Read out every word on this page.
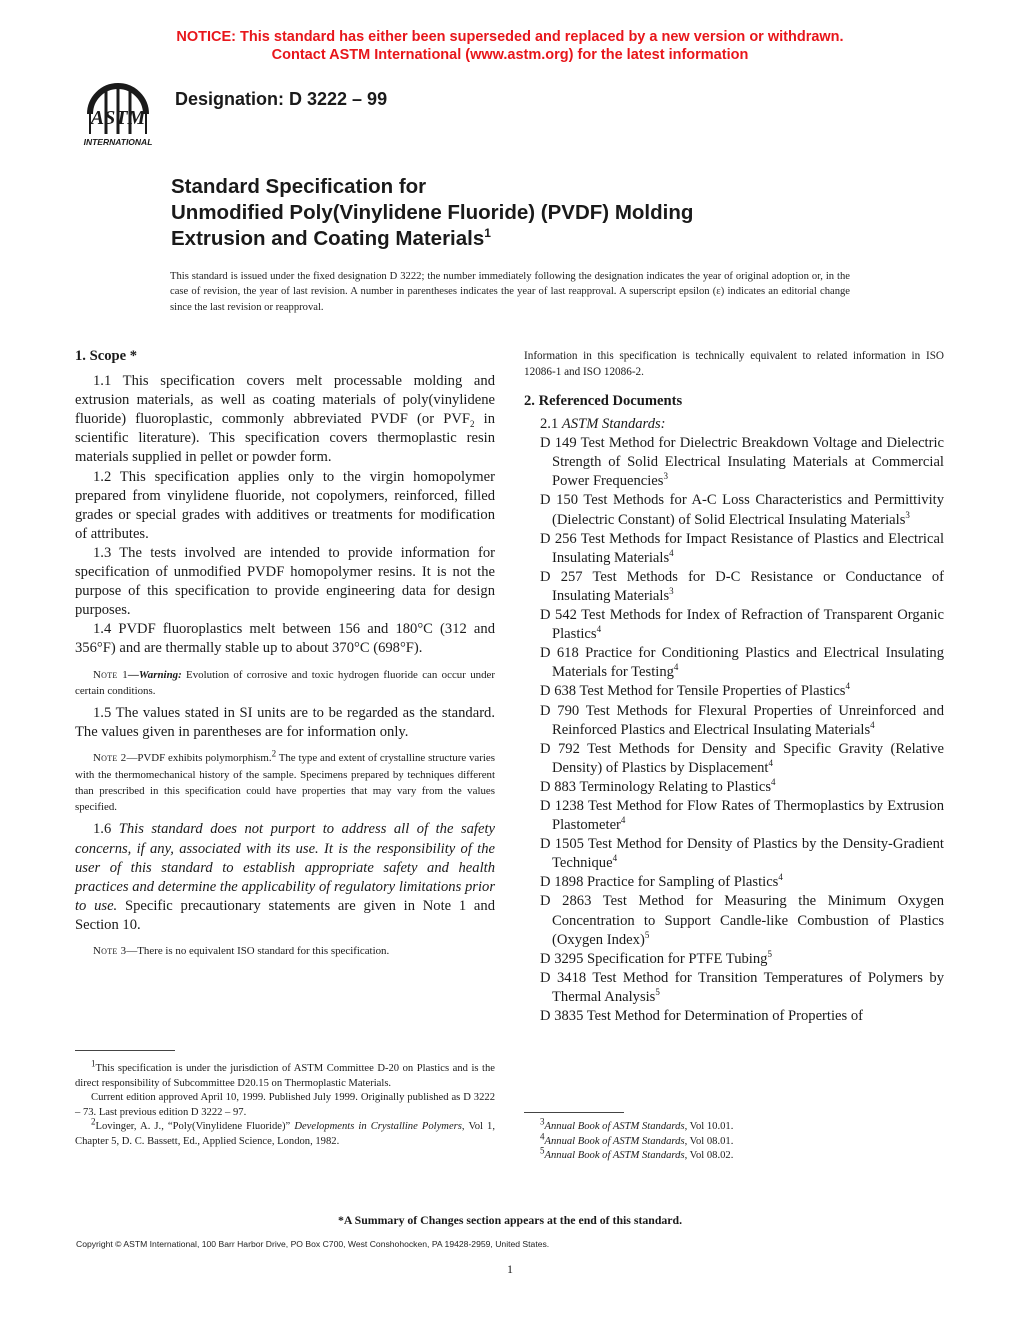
NOTICE: This standard has either been superseded and replaced by a new version or withdrawn.
Contact ASTM International (www.astm.org) for the latest information
ASTM
INTERNATIONAL
Designation: D 3222 – 99
Standard Specification for
Unmodified Poly(Vinylidene Fluoride) (PVDF) Molding
Extrusion and Coating Materials$^1$
This standard is issued under the fixed designation D 3222; the number immediately following the designation indicates the year of original adoption or, in the case of revision, the year of last revision. A number in parentheses indicates the year of last reapproval. A superscript epsilon (ε) indicates an editorial change since the last revision or reapproval.

1. Scope *

1.1 This specification covers melt processable molding and extrusion materials, as well as coating materials of poly(vinylidene fluoride) fluoroplastic, commonly abbreviated PVDF (or $PVF_2$ in scientific literature). This specification covers thermoplastic resin materials supplied in pellet or powder form.

1.2 This specification applies only to the virgin homopolymer prepared from vinylidene fluoride, not copolymers, reinforced, filled grades or special grades with additives or treatments for modification of attributes.

1.3 The tests involved are intended to provide information for specification of unmodified PVDF homopolymer resins. It is not the purpose of this specification to provide engineering data for design purposes.

1.4 PVDF fluoroplastics melt between 156 and 180°C (312 and 356°F) and are thermally stable up to about 370°C (698°F).

Note 1—Warning: Evolution of corrosive and toxic hydrogen fluoride can occur under certain conditions.

1.5 The values stated in SI units are to be regarded as the standard. The values given in parentheses are for information only.

Note 2—PVDF exhibits polymorphism.$^2$ The type and extent of crystalline structure varies with the thermomechanical history of the sample. Specimens prepared by techniques different than prescribed in this specification could have properties that may vary from the values specified.

1.6 This standard does not purport to address all of the safety concerns, if any, associated with its use. It is the responsibility of the user of this standard to establish appropriate safety and health practices and determine the applicability of regulatory limitations prior to use. Specific precautionary statements are given in Note 1 and Section 10.

Note 3—There is no equivalent ISO standard for this specification.

$^1$This specification is under the jurisdiction of ASTM Committee D-20 on Plastics and is the direct responsibility of Subcommittee D20.15 on Thermoplastic Materials.

Current edition approved April 10, 1999. Published July 1999. Originally published as D 3222 – 73. Last previous edition D 3222 – 97.

$^2$Lovinger, A. J., “Poly(Vinylidene Fluoride)” Developments in Crystalline Polymers, Vol 1, Chapter 5, D. C. Bassett, Ed., Applied Science, London, 1982.

Information in this specification is technically equivalent to related information in ISO 12086-1 and ISO 12086-2.

2. Referenced Documents

2.1 ASTM Standards:

D 149 Test Method for Dielectric Breakdown Voltage and Dielectric Strength of Solid Electrical Insulating Materials at Commercial Power Frequencies$^3$

D 150 Test Methods for A-C Loss Characteristics and Permittivity (Dielectric Constant) of Solid Electrical Insulating Materials$^3$

D 256 Test Methods for Impact Resistance of Plastics and Electrical Insulating Materials$^4$

D 257 Test Methods for D-C Resistance or Conductance of Insulating Materials$^3$

D 542 Test Methods for Index of Refraction of Transparent Organic Plastics$^4$

D 618 Practice for Conditioning Plastics and Electrical Insulating Materials for Testing$^4$

D 638 Test Method for Tensile Properties of Plastics$^4$

D 790 Test Methods for Flexural Properties of Unreinforced and Reinforced Plastics and Electrical Insulating Materials$^4$

D 792 Test Methods for Density and Specific Gravity (Relative Density) of Plastics by Displacement$^4$

D 883 Terminology Relating to Plastics$^4$

D 1238 Test Method for Flow Rates of Thermoplastics by Extrusion Plastometer$^4$

D 1505 Test Method for Density of Plastics by the Density-Gradient Technique$^4$

D 1898 Practice for Sampling of Plastics$^4$

D 2863 Test Method for Measuring the Minimum Oxygen Concentration to Support Candle-like Combustion of Plastics (Oxygen Index)$^5$

D 3295 Specification for PTFE Tubing$^5$

D 3418 Test Method for Transition Temperatures of Polymers by Thermal Analysis$^5$

D 3835 Test Method for Determination of Properties of

$^3$Annual Book of ASTM Standards, Vol 10.01.

$^4$Annual Book of ASTM Standards, Vol 08.01.

$^5$Annual Book of ASTM Standards, Vol 08.02.

*A Summary of Changes section appears at the end of this standard.
Copyright © ASTM International, 100 Barr Harbor Drive, PO Box C700, West Conshohocken, PA 19428-2959, United States.
1
